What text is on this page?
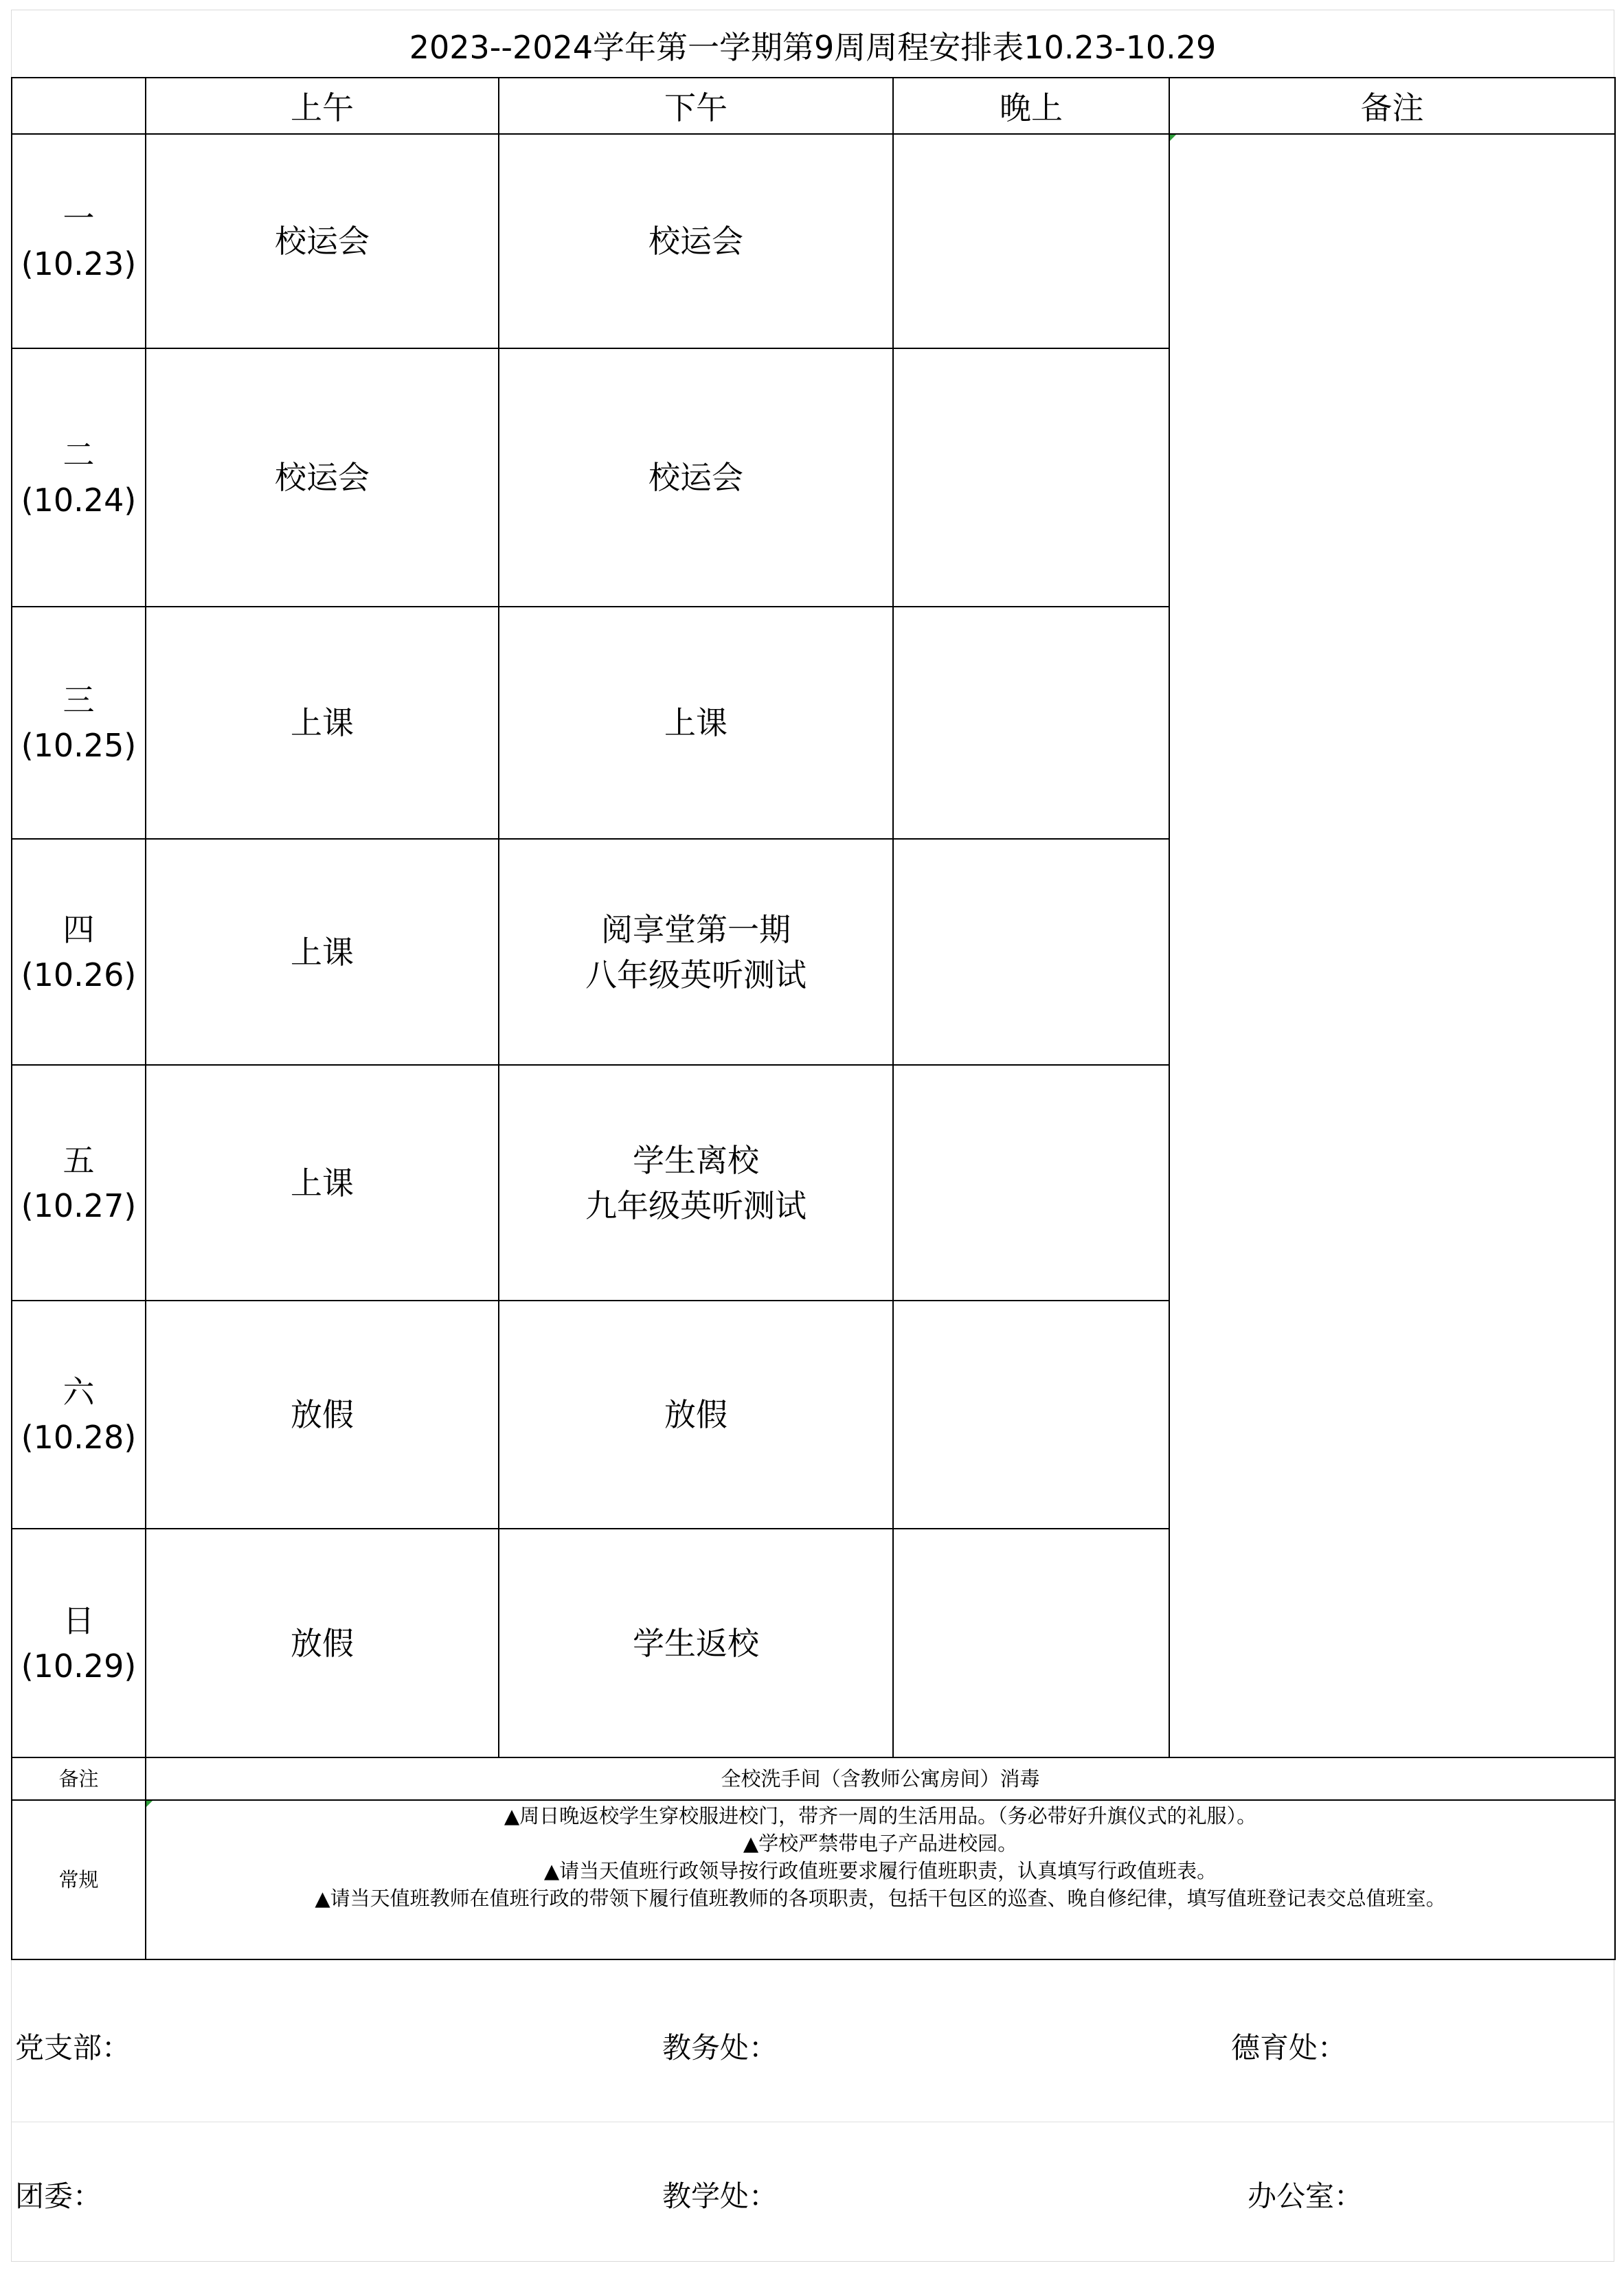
2023--2024学年第一学期第9周周程安排表10.23-10.29
	上午	下午	晚上	备注

一
(10.23)	校运会	校运会		

二
(10.24)	校运会	校运会		

三
(10.25)	上课	上课		

四
(10.26)	上课	阅享堂第一期
八年级英听测试		

五
(10.27)	上课	学生离校
九年级英听测试		

六
(10.28)	放假	放假		

日
(10.29)	放假	学生返校		

备注	全校洗手间（含教师公寓房间）消毒			
常规	▲周日晚返校学生穿校服进校门，带齐一周的生活用品。（务必带好升旗仪式的礼服）。
▲学校严禁带电子产品进校园。
▲请当天值班行政领导按行政值班要求履行值班职责，认真填写行政值班表。
▲请当天值班教师在值班行政的带领下履行值班教师的各项职责，包括干包区的巡查、晚自修纪律，填写值班登记表交总值班室。			
党支部：	教务处：	德育处：
团委：	教学处：	办公室：
